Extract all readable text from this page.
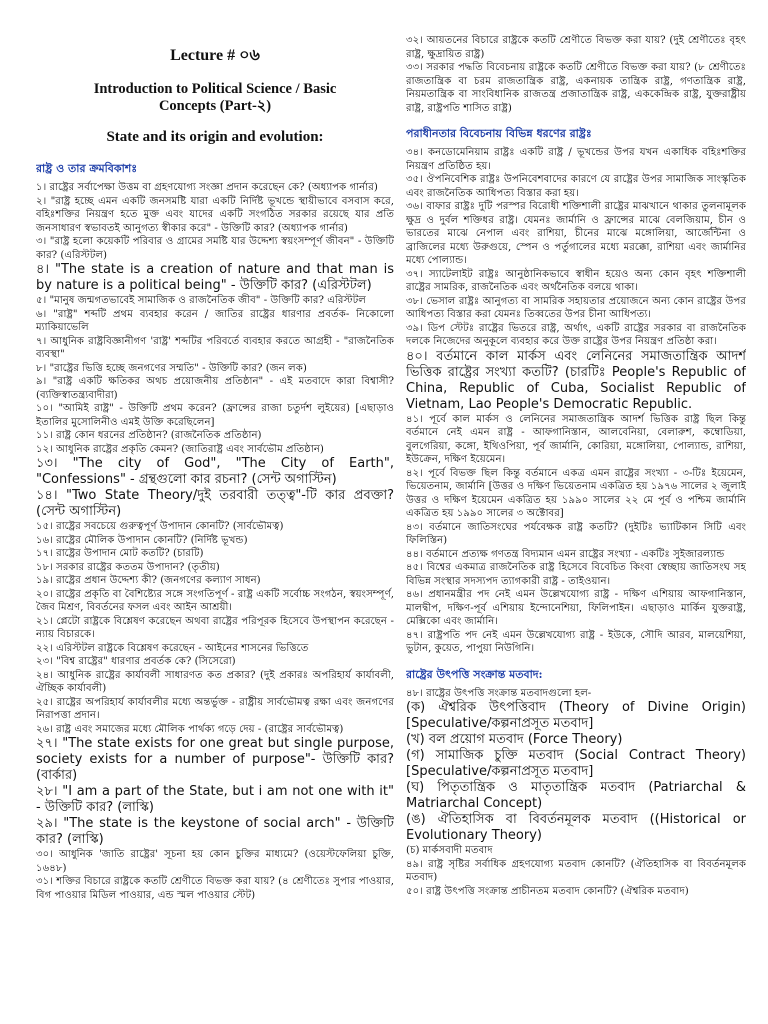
Lecture # ০৬
Introduction to Political Science / Basic
Concepts (Part-২)
State and its origin and evolution:
রাষ্ট্র ও তার ক্রমবিকাশঃ

১। রাষ্ট্রের সর্বাপেক্ষা উত্তম বা গ্রহণযোগ্য সংজ্ঞা প্রদান করেছেন কে? (অধ্যাপক গার্নার)

২। "রাষ্ট্র হচ্ছে এমন একটি জনসমষ্টি যারা একটি নির্দিষ্ট ভূখন্ডে স্থায়ীভাবে বসবাস করে, বহিঃশক্তির নিয়ন্ত্রণ হতে মুক্ত এবং যাদের একটি সংগঠিত সরকার রয়েছে যার প্রতি জনসাধারণ স্বভাবতই আনুগত্য স্বীকার করে" - উক্তিটি কার? (অধ্যাপক গার্নার)

৩। "রাষ্ট্র হলো কয়েকটি পরিবার ও গ্রামের সমষ্টি যার উদ্দেশ্য স্বয়ংসম্পূর্ণ জীবন" - উক্তিটি কার? (এরিস্টটল)

৪। "The state is a creation of nature and that man is by nature is a political being" - উক্তিটি কার? (এরিস্টটল)

৫। "মানুষ জন্মগতভাবেই সামাজিক ও রাজনৈতিক জীব" - উক্তিটি কার? এরিস্টটল

৬। "রাষ্ট্র" শব্দটি প্রথম ব্যবহার করেন / জাতির রাষ্ট্রের ধারণার প্রবর্তক- নিকোলো ম্যাকিয়াভেলি

৭। আধুনিক রাষ্ট্রবিজ্ঞানীগণ 'রাষ্ট্র' শব্দটির পরিবর্তে ব্যবহার করতে আগ্রহী - "রাজনৈতিক ব্যবস্থা"

৮। "রাষ্ট্রের ভিত্তি হচ্ছে জনগণের সম্মতি" - উক্তিটি কার? (জন লক)

৯। "রাষ্ট্র একটি ক্ষতিকর অথচ প্রয়োজনীয় প্রতিষ্ঠান" - এই মতবাদে কারা বিশ্বাসী? (ব্যক্তিস্বাতন্ত্র্যবাদীরা)

১০। "আমিই রাষ্ট্র" - উক্তিটি প্রথম করেন? (ফ্রান্সের রাজা চতুর্দশ লুইয়ের) [এছাড়াও ইতালির মুসোলিনীও এমই উক্তি করেছিলেন]

১১। রাষ্ট্র কোন ধরনের প্রতিষ্ঠান? (রাজনৈতিক প্রতিষ্ঠান)

১২। আধুনিক রাষ্ট্রের প্রকৃতি কেমন? (জাতিরাষ্ট্র এবং সার্বভৌম প্রতিষ্ঠান)

১৩। "The city of God", "The City of Earth", "Confessions" - গ্রন্থগুলো কার রচনা? (সেন্ট অগাস্টিন)

১৪। "Two State Theory/দুই তরবারী তত্ত্ব"-টি কার প্রবক্তা? (সেন্ট অগাস্টিন)

১৫। রাষ্ট্রের সবচেয়ে গুরুত্বপূর্ণ উপাদান কোনটি? (সার্বভৌমত্ব)

১৬। রাষ্ট্রের মৌলিক উপাদান কোনটি? (নির্দিষ্ট ভূখন্ড)

১৭। রাষ্ট্রের উপাদান মোট কতটি? (চারটি)

১৮। সরকার রাষ্ট্রের কততম উপাদান? (তৃতীয়)

১৯। রাষ্ট্রের প্রধান উদ্দেশ্য কী? (জনগণের কল্যাণ সাধন)

২০। রাষ্ট্রের প্রকৃতি বা বৈশিষ্ট্যের সঙ্গে সংগতিপূর্ণ - রাষ্ট্র একটি সর্বোচ্চ সংগঠন, স্বয়ংসম্পূর্ণ, জৈব মিশ্রণ, বিবর্তনের ফসল এবং আইন আশ্রয়ী।

২১। প্লেটো রাষ্ট্রকে বিশ্লেষণ করেছেন অথবা রাষ্ট্রের পরিপূরক হিসেবে উপস্থাপন করেছেন - ন্যায় বিচারকে।

২২। এরিস্টটল রাষ্ট্রকে বিশ্লেষণ করেছেন - আইনের শাসনের ভিত্তিতে

২৩। "বিশ্ব রাষ্ট্রের" ধারণার প্রবর্তক কে? (সিসেরো)

২৪। আধুনিক রাষ্ট্রের কার্যাবলী সাধারণত কত প্রকার? (দুই প্রকারঃ অপরিহার্য কার্যাবলী, ঐচ্ছিক কার্যাবলী)

২৫। রাষ্ট্রের অপরিহার্য কার্যাবলীর মধ্যে অন্তর্ভুক্ত - রাষ্ট্রীয় সার্বভৌমত্ব রক্ষা এবং জনগণের নিরাপত্তা প্রদান।

২৬। রাষ্ট্র এবং সমাজের মধ্যে মৌলিক পার্থক্য গড়ে দেয় - (রাষ্ট্রের সার্বভৌমত্ব)

২৭। "The state exists for one great but single purpose, society exists for a number of purpose"- উক্তিটি কার? (বার্কার)

২৮। "I am a part of the State, but i am not one with it" - উক্তিটি কার? (লাস্কি)

২৯। "The state is the keystone of social arch" - উক্তিটি কার? (লাস্কি)

৩০। আধুনিক 'জাতি রাষ্ট্রের' সূচনা হয় কোন চুক্তির মাধ্যমে? (ওয়েস্টফেলিয়া চুক্তি, ১৬৪৮)

৩১। শক্তির বিচারে রাষ্ট্রকে কতটি শ্রেণীতে বিভক্ত করা যায়? (৪ শ্রেণীতেঃ সুপার পাওয়ার, বিগ পাওয়ার মিডিল পাওয়ার, এন্ড স্মল পাওয়ার স্টেট)

৩২। আয়তনের বিচারে রাষ্ট্রকে কতটি শ্রেণীতে বিভক্ত করা যায়? (দুই শ্রেণীতেঃ বৃহৎ রাষ্ট্র, ক্ষুদ্রায়িত রাষ্ট্র)

৩৩। সরকার পদ্ধতি বিবেচনায় রাষ্ট্রকে কতটি শ্রেণীতে বিভক্ত করা যায়? (৮ শ্রেণীতেঃ রাজতান্ত্রিক বা চরম রাজতান্ত্রিক রাষ্ট্র, একনায়ক তান্ত্রিক রাষ্ট্র, গণতান্ত্রিক রাষ্ট্র, নিয়মতান্ত্রিক বা সাংবিধানিক রাজতন্ত্র প্রজাতান্ত্রিক রাষ্ট্র, এককেন্দ্রিক রাষ্ট্র, যুক্তরাষ্ট্রীয় রাষ্ট্র, রাষ্ট্রপতি শাসিত রাষ্ট্র)

পরাধীনতার বিবেচনায় বিভিন্ন ধরণের রাষ্ট্রঃ

৩৪। কনডোমেনিয়াম রাষ্ট্রঃ একটি রাষ্ট্র / ভূখন্ডের উপর যখন একাধিক বহিঃশক্তির নিয়ন্ত্রণ প্রতিষ্ঠিত হয়।

৩৫। ঔপনিবেশিক রাষ্ট্রঃ উপনিবেশবাদের কারণে যে রাষ্ট্রের উপর সামাজিক সাংস্কৃতিক এবং রাজনৈতিক আধিপত্য বিস্তার করা হয়।

৩৬। বাফার রাষ্ট্রঃ দুটি পরস্পর বিরোধী শক্তিশালী রাষ্ট্রের মাঝখানে থাকার তুলনামূলক ক্ষুদ্র ও দুর্বল শক্তিধর রাষ্ট্র। যেমনঃ জার্মানি ও ফ্রান্সের মাঝে বেলজিয়াম, চীন ও ভারতের মাঝে নেপাল এবং রাশিয়া, চীনের মাঝে মঙ্গোলিয়া, আর্জেন্টিনা ও ব্রাজিলের মধ্যে উরুগুয়ে, স্পেন ও পর্তুগালের মধ্যে মরক্কো, রাশিয়া এবং জার্মানির মধ্যে পোল্যান্ড।

৩৭। স্যাটেলাইট রাষ্ট্রঃ আনুষ্ঠানিকভাবে স্বাধীন হয়েও অন্য কোন বৃহৎ শক্তিশালী রাষ্ট্রের সামরিক, রাজনৈতিক এবং অর্থনৈতিক বলয়ে থাকা।

৩৮। ভেসাল রাষ্ট্রঃ আনুগত্য বা সামরিক সহায়তার প্রয়োজনে অন্য কোন রাষ্ট্রের উপর আধিপত্য বিস্তার করা যেমনঃ তিব্বতের উপর চীনা আধিপত্য।

৩৯। ডিপ স্টেটঃ রাষ্ট্রের ভিতরে রাষ্ট্র, অর্থাৎ, একটি রাষ্ট্রের সরকার বা রাজনৈতিক দলকে নিজেদের অনুকূলে ব্যবহার করে উক্ত রাষ্ট্রের উপর নিয়ন্ত্রণ প্রতিষ্ঠা করা।

৪০। বর্তমানে কাল মার্কস এবং লেনিনের সমাজতান্ত্রিক আদর্শ ভিত্তিক রাষ্ট্রের সংখ্যা কতটি? (চারটিঃ People's Republic of China, Republic of Cuba, Socialist Republic of Vietnam, Lao People's Democratic Republic.

৪১। পূর্বে কাল মার্কস ও লেনিনের সমাজতান্ত্রিক আদর্শ ভিত্তিক রাষ্ট্র ছিল কিন্তু বর্তমানে নেই এমন রাষ্ট্র - আফগানিস্তান, আলবেনিয়া, বেলারুশ, কম্বোডিয়া, বুলগেরিয়া, কঙ্গো, ইথিওপিয়া, পূর্ব জার্মানি, কোরিয়া, মঙ্গোলিয়া, পোল্যান্ড, রাশিয়া, ইউক্রেন, দক্ষিণ ইয়েমেন।

৪২। পূর্বে বিভক্ত ছিল কিন্তু বর্তমানে একত্র এমন রাষ্ট্রের সংখ্যা - ৩-টিঃ ইয়েমেন, ভিয়েতনাম, জার্মানি [উত্তর ও দক্ষিণ ভিয়েতনাম একত্রিত হয় ১৯৭৬ সালের ২ জুলাই উত্তর ও দক্ষিণ ইয়েমেন একত্রিত হয় ১৯৯০ সালের ২২ মে পূর্ব ও পশ্চিম জার্মানি একত্রিত হয় ১৯৯০ সালের ৩ অক্টোবর]

৪৩। বর্তমানে জাতিসংঘের পর্যবেক্ষক রাষ্ট্র কতটি? (দুইটিঃ ভ্যাটিকান সিটি এবং ফিলিস্তিন)

৪৪। বর্তমানে প্রত্যক্ষ গণতন্ত্র বিদ্যমান এমন রাষ্ট্রের সংখ্যা - একটিঃ সুইজারল্যান্ড

৪৫। বিশ্বের একমাত্র রাজনৈতিক রাষ্ট্র হিসেবে বিবেচিত কিংবা স্বেচ্ছায় জাতিসংঘ সহ বিভিন্ন সংস্থার সদস্যপদ ত্যাগকারী রাষ্ট্র - তাইওয়ান।

৪৬। প্রধানমন্ত্রীর পদ নেই এমন উল্লেখযোগ্য রাষ্ট্র - দক্ষিণ এশিয়ায় আফগানিস্তান, মালদ্বীপ, দক্ষিণ-পূর্ব এশিয়ায় ইন্দোনেশিয়া, ফিলিপাইন। এছাড়াও মার্কিন যুক্তরাষ্ট্র, মেক্সিকো এবং জার্মানি।

৪৭। রাষ্ট্রপতি পদ নেই এমন উল্লেখযোগ্য রাষ্ট্র - ইউকে, সৌদি আরব, মালয়েশিয়া, ভুটান, কুয়েত, পাপুয়া নিউগিনি।

রাষ্ট্রের উৎপত্তি সংক্রান্ত মতবাদ:

৪৮। রাষ্ট্রের উৎপত্তি সংক্রান্ত মতবাদগুলো হল-

(ক) ঐশ্বরিক উৎপত্তিবাদ (Theory of Divine Origin) [Speculative/কল্পনাপ্রসূত মতবাদ]

(খ) বল প্রয়োগ মতবাদ (Force Theory)

(গ) সামাজিক চুক্তি মতবাদ (Social Contract Theory) [Speculative/কল্পনাপ্রসূত মতবাদ]

(ঘ) পিতৃতান্ত্রিক ও মাতৃতান্ত্রিক মতবাদ (Patriarchal & Matriarchal Concept)

(ঙ) ঐতিহাসিক বা বিবর্তনমূলক মতবাদ ((Historical or Evolutionary Theory)

(চ) মার্কসবাদী মতবাদ

৪৯। রাষ্ট্র সৃষ্টির সর্বাধিক গ্রহণযোগ্য মতবাদ কোনটি? (ঐতিহাসিক বা বিবর্তনমূলক মতবাদ)

৫০। রাষ্ট্র উৎপত্তি সংক্রান্ত প্রাচীনতম মতবাদ কোনটি? (ঐশ্বরিক মতবাদ)
